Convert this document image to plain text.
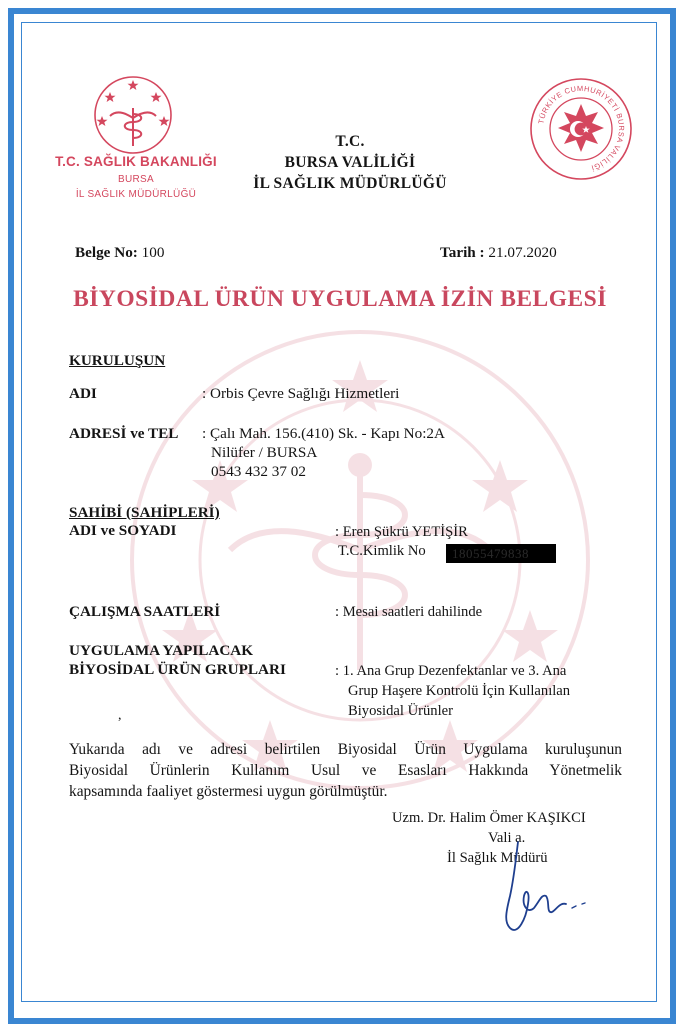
T.C. SAĞLIK BAKANLIĞI
BURSA
İL SAĞLIK MÜDÜRLÜĞÜ
T.C.
BURSA VALİLİĞİ
İL SAĞLIK MÜDÜRLÜĞÜ
TÜRKİYE CUMHURİYETİ BURSA VALİLİĞİ
Belge No: 100	Tarih : 21.07.2020
BİYOSİDAL ÜRÜN UYGULAMA İZİN BELGESİ
KURULUŞUN
ADI	: Orbis Çevre Sağlığı Hizmetleri
ADRESİ ve TEL : Çalı Mah. 156.(410) Sk. - Kapı No:2A
Nilüfer / BURSA
0543 432 37 02
SAHİBİ (SAHİPLERİ)
ADI ve SOYADI	: Eren Şükrü YETİŞİR
T.C.Kimlik No	18055479838
ÇALIŞMA SAATLERİ	: Mesai saatleri dahilinde
UYGULAMA YAPILACAK
BİYOSİDAL ÜRÜN GRUPLARI	: 1. Ana Grup Dezenfektanlar ve 3. Ana
Grup Haşere Kontrolü İçin Kullanılan
Biyosidal Ürünler
,
Yukarıda adı ve adresi belirtilen Biyosidal Ürün Uygulama kuruluşunun
Biyosidal Ürünlerin Kullanım Usul ve Esasları Hakkında Yönetmelik
kapsamında faaliyet göstermesi uygun görülmüştür.
Uzm. Dr. Halim Ömer KAŞIKCI
Vali a.
İl Sağlık Müdürü
